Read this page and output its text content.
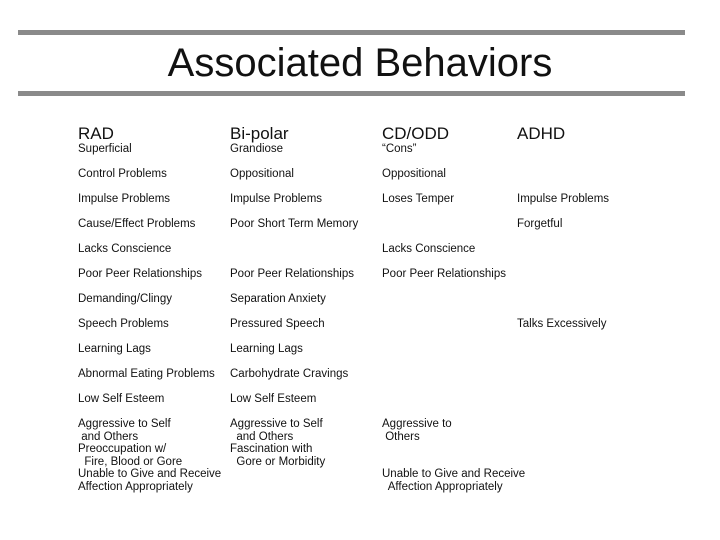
Associated Behaviors
RAD
Superficial
Control Problems
Impulse Problems
Cause/Effect Problems
Lacks Conscience
Poor Peer Relationships
Demanding/Clingy
Speech Problems
Learning Lags
Abnormal Eating Problems
Low Self Esteem
Aggressive to Self
and Others
Preoccupation w/
Fire, Blood or Gore
Unable to Give and Receive
Affection Appropriately
Bi-polar
Grandiose
Oppositional
Impulse Problems
Poor Short Term Memory
Poor Peer Relationships
Separation Anxiety
Pressured Speech
Learning Lags
Carbohydrate Cravings
Low Self Esteem
Aggressive to Self
and Others
Fascination with
Gore or Morbidity
CD/ODD
“Cons”
Oppositional
Loses Temper
Lacks Conscience
Poor Peer Relationships
Aggressive to
Others
Unable to Give and Receive
Affection Appropriately
ADHD
Impulse Problems
Forgetful
Talks Excessively
